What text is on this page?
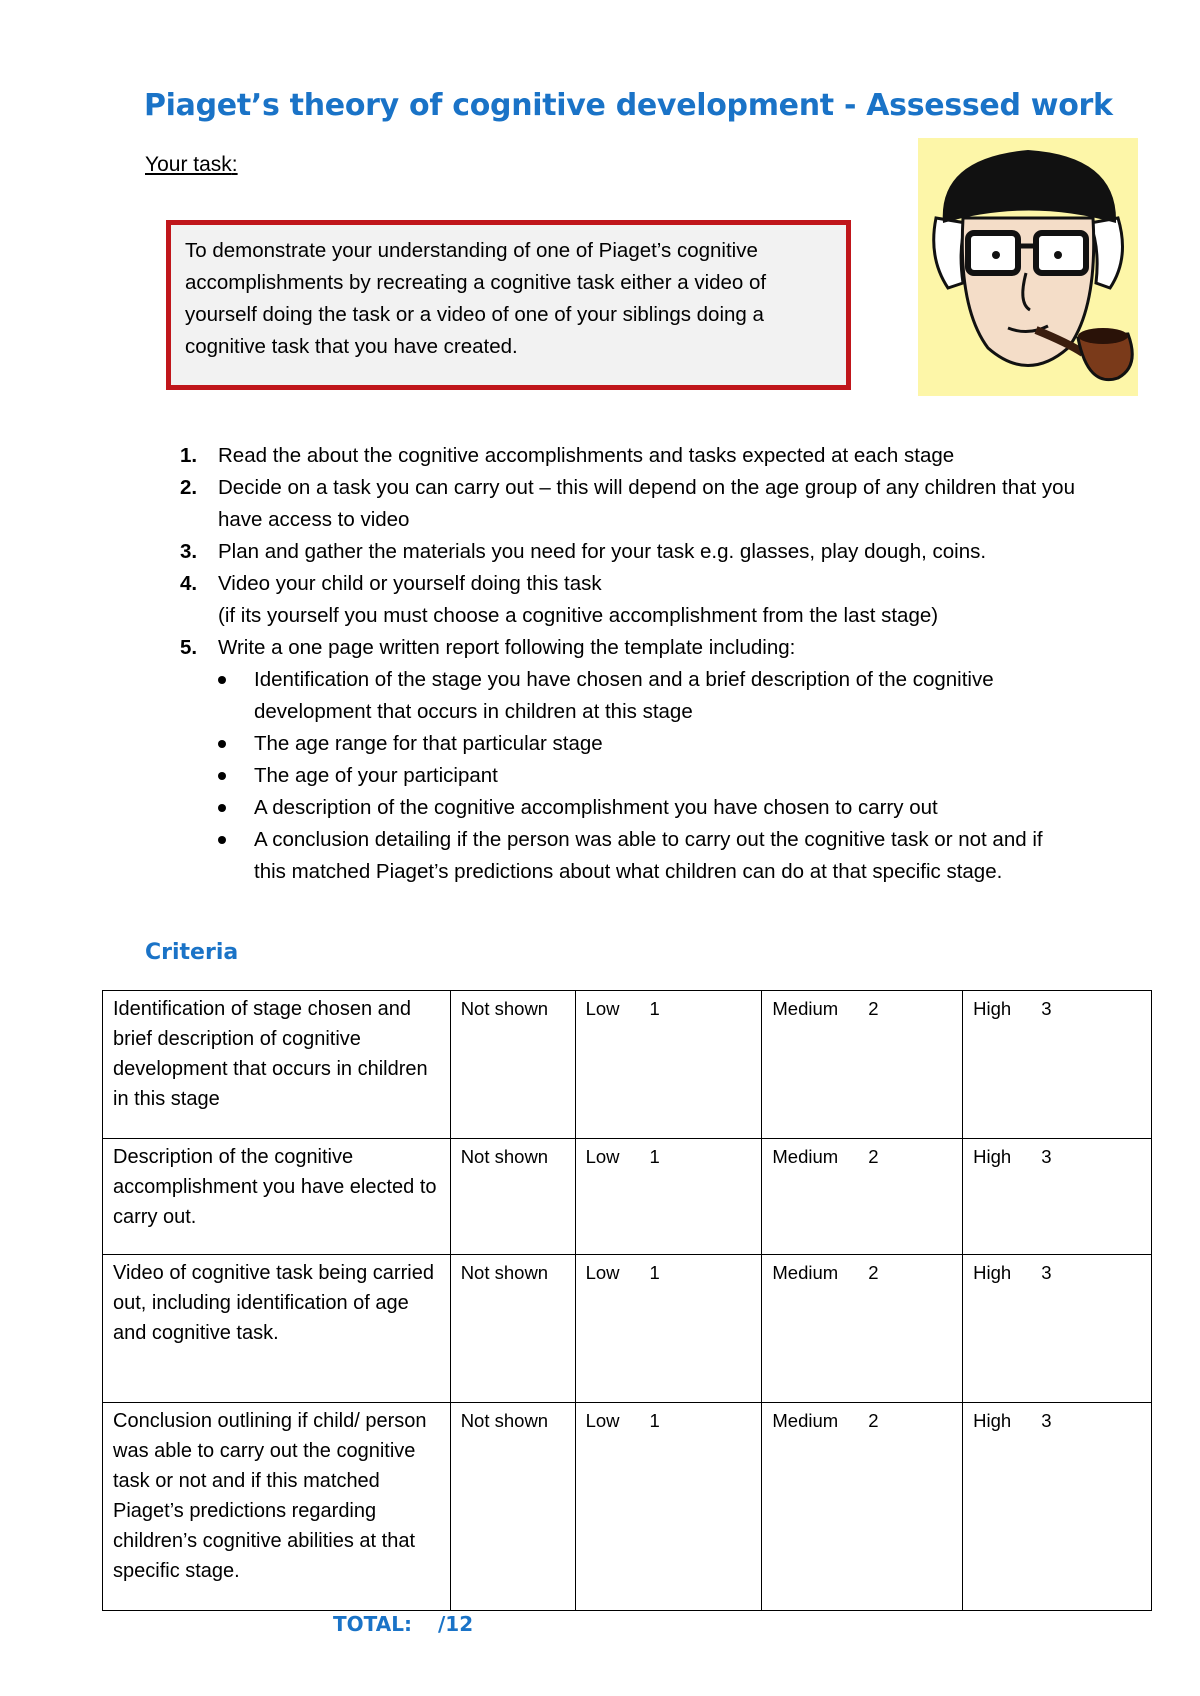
Piaget’s theory of cognitive development - Assessed work
Your task:
To demonstrate your understanding of one of Piaget’s cognitive accomplishments by recreating a cognitive task either a video of yourself doing the task or a video of one of your siblings doing a cognitive task that you have created.
1. Read the about the cognitive accomplishments and tasks expected at each stage
2. Decide on a task you can carry out – this will depend on the age group of any children that you have access to video
3. Plan and gather the materials you need for your task e.g. glasses, play dough, coins.
4. Video your child or yourself doing this task
(if its yourself you must choose a cognitive accomplishment from the last stage)
5. Write a one page written report following the template including:
Identification of the stage you have chosen and a brief description of the cognitive development that occurs in children at this stage
The age range for that particular stage
The age of your participant
A description of the cognitive accomplishment you have chosen to carry out
A conclusion detailing if the person was able to carry out the cognitive task or not and if this matched Piaget’s predictions about what children can do at that specific stage.
Criteria
Identification of stage chosen and brief description of cognitive development that occurs in children in this stage	Not shown	Low 1	Medium 2	High 3
Description of the cognitive accomplishment you have elected to carry out.	Not shown	Low 1	Medium 2	High 3
Video of cognitive task being carried out, including identification of age and cognitive task.	Not shown	Low 1	Medium 2	High 3
Conclusion outlining if child/ person was able to carry out the cognitive task or not and if this matched Piaget’s predictions regarding children’s cognitive abilities at that specific stage.	Not shown	Low 1	Medium 2	High 3
TOTAL: /12
